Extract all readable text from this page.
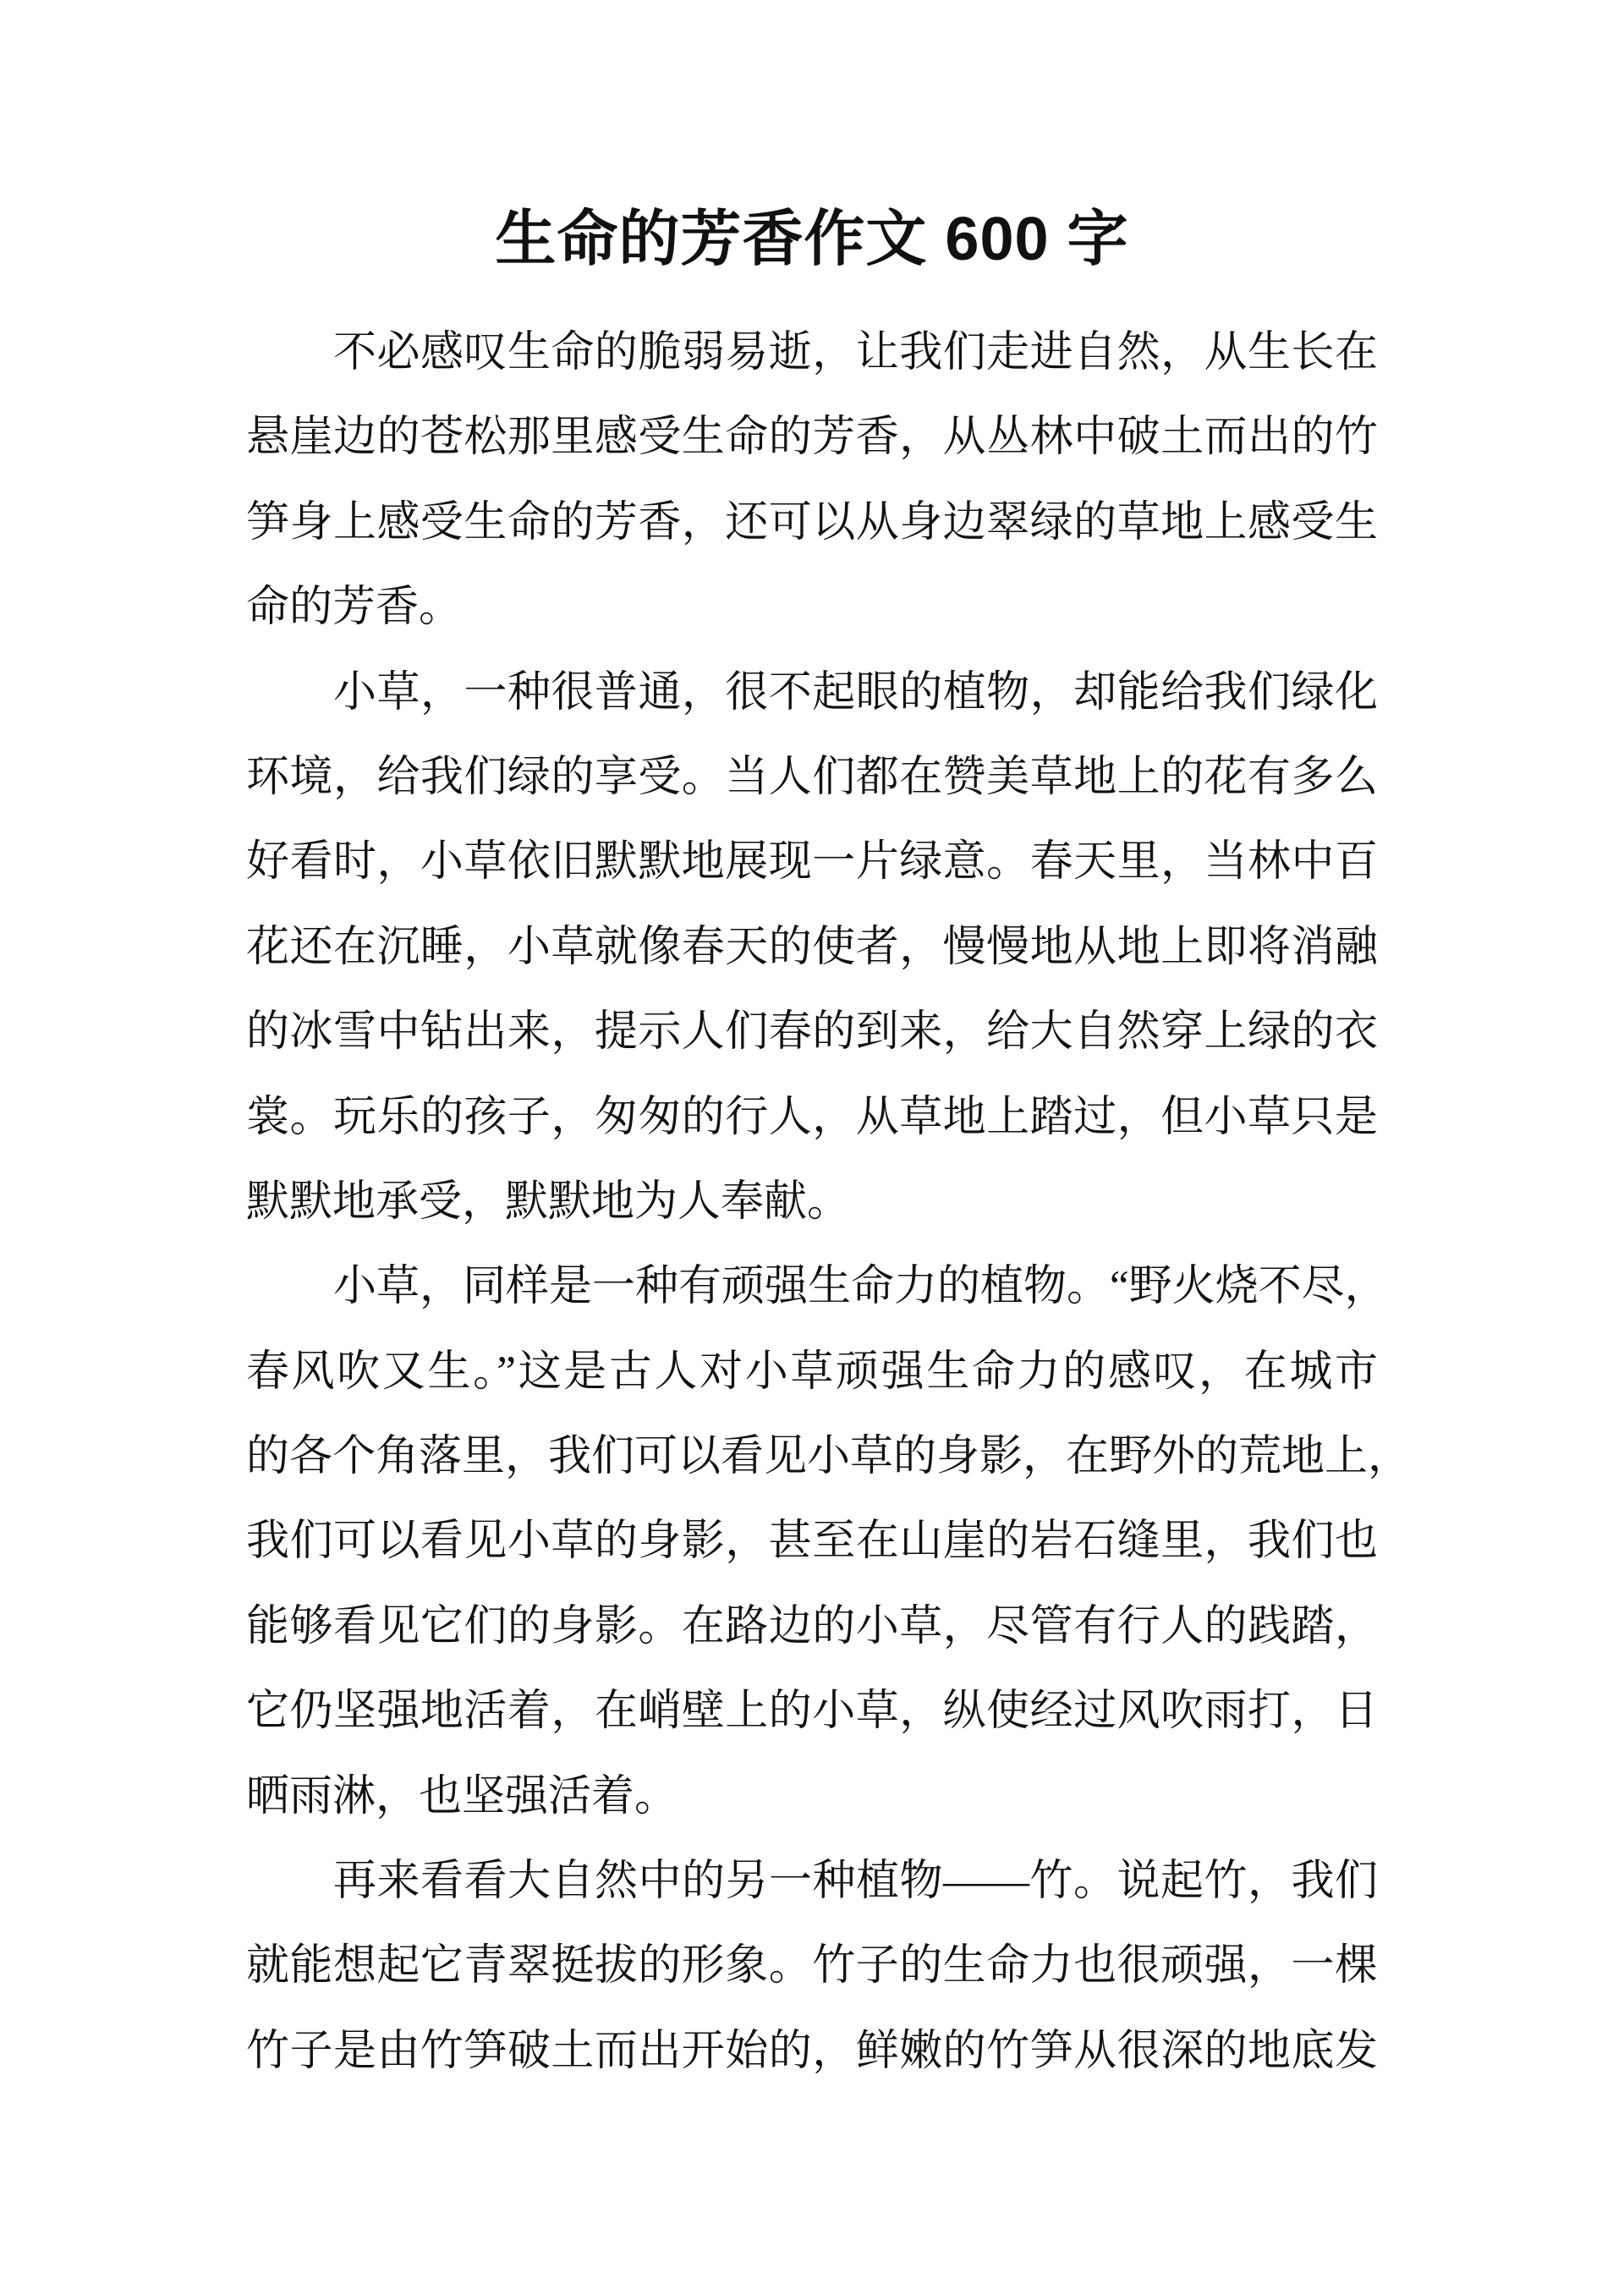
生命的芳香作文 600 字
不必感叹生命的脆弱易逝，让我们走进自然，从生长在
悬崖边的苍松那里感受生命的芳香，从丛林中破土而出的竹
笋身上感受生命的芳香，还可以从身边翠绿的草地上感受生
命的芳香。
小草，一种很普通，很不起眼的植物，却能给我们绿化
环境，给我们绿的享受。当人们都在赞美草地上的花有多么
好看时，小草依旧默默地展现一片绿意。春天里，当林中百
花还在沉睡，小草就像春天的使者，慢慢地从地上即将消融
的冰雪中钻出来，提示人们春的到来，给大自然穿上绿的衣
裳。玩乐的孩子，匆匆的行人，从草地上踏过，但小草只是
默默地承受，默默地为人奉献。
小草，同样是一种有顽强生命力的植物。“野火烧不尽，
春风吹又生。”这是古人对小草顽强生命力的感叹，在城市
的各个角落里，我们可以看见小草的身影，在野外的荒地上，
我们可以看见小草的身影，甚至在山崖的岩石缝里，我们也
能够看见它们的身影。在路边的小草，尽管有行人的践踏，
它仍坚强地活着，在峭壁上的小草，纵使经过风吹雨打，日
晒雨淋，也坚强活着。
再来看看大自然中的另一种植物——竹。说起竹，我们
就能想起它青翠挺拔的形象。竹子的生命力也很顽强，一棵
竹子是由竹笋破土而出开始的，鲜嫩的竹笋从很深的地底发
